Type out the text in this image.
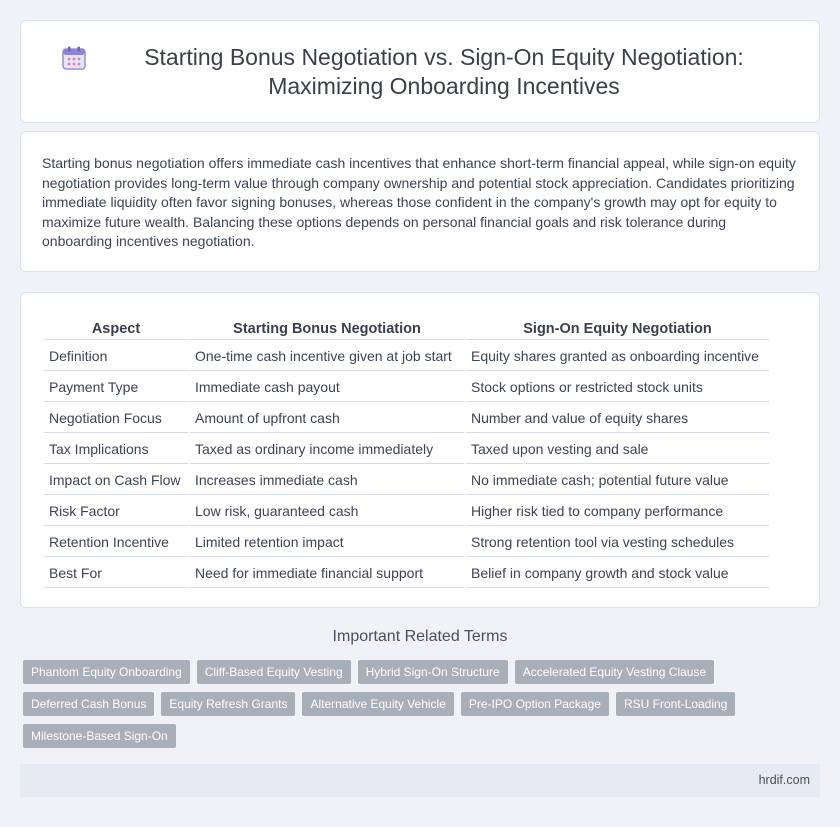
Starting Bonus Negotiation vs. Sign-On Equity Negotiation: Maximizing Onboarding Incentives

Starting bonus negotiation offers immediate cash incentives that enhance short-term financial appeal, while sign-on equity negotiation provides long-term value through company ownership and potential stock appreciation. Candidates prioritizing immediate liquidity often favor signing bonuses, whereas those confident in the company's growth may opt for equity to maximize future wealth. Balancing these options depends on personal financial goals and risk tolerance during onboarding incentives negotiation.

Aspect	Starting Bonus Negotiation	Sign-On Equity Negotiation
Definition	One-time cash incentive given at job start	Equity shares granted as onboarding incentive
Payment Type	Immediate cash payout	Stock options or restricted stock units
Negotiation Focus	Amount of upfront cash	Number and value of equity shares
Tax Implications	Taxed as ordinary income immediately	Taxed upon vesting and sale
Impact on Cash Flow	Increases immediate cash	No immediate cash; potential future value
Risk Factor	Low risk, guaranteed cash	Higher risk tied to company performance
Retention Incentive	Limited retention impact	Strong retention tool via vesting schedules
Best For	Need for immediate financial support	Belief in company growth and stock value
Important Related Terms
Phantom Equity Onboarding	Cliff-Based Equity Vesting	Hybrid Sign-On Structure	Accelerated Equity Vesting Clause
Deferred Cash Bonus	Equity Refresh Grants	Alternative Equity Vehicle	Pre-IPO Option Package	RSU Front-Loading
Milestone-Based Sign-On
hrdif.com
